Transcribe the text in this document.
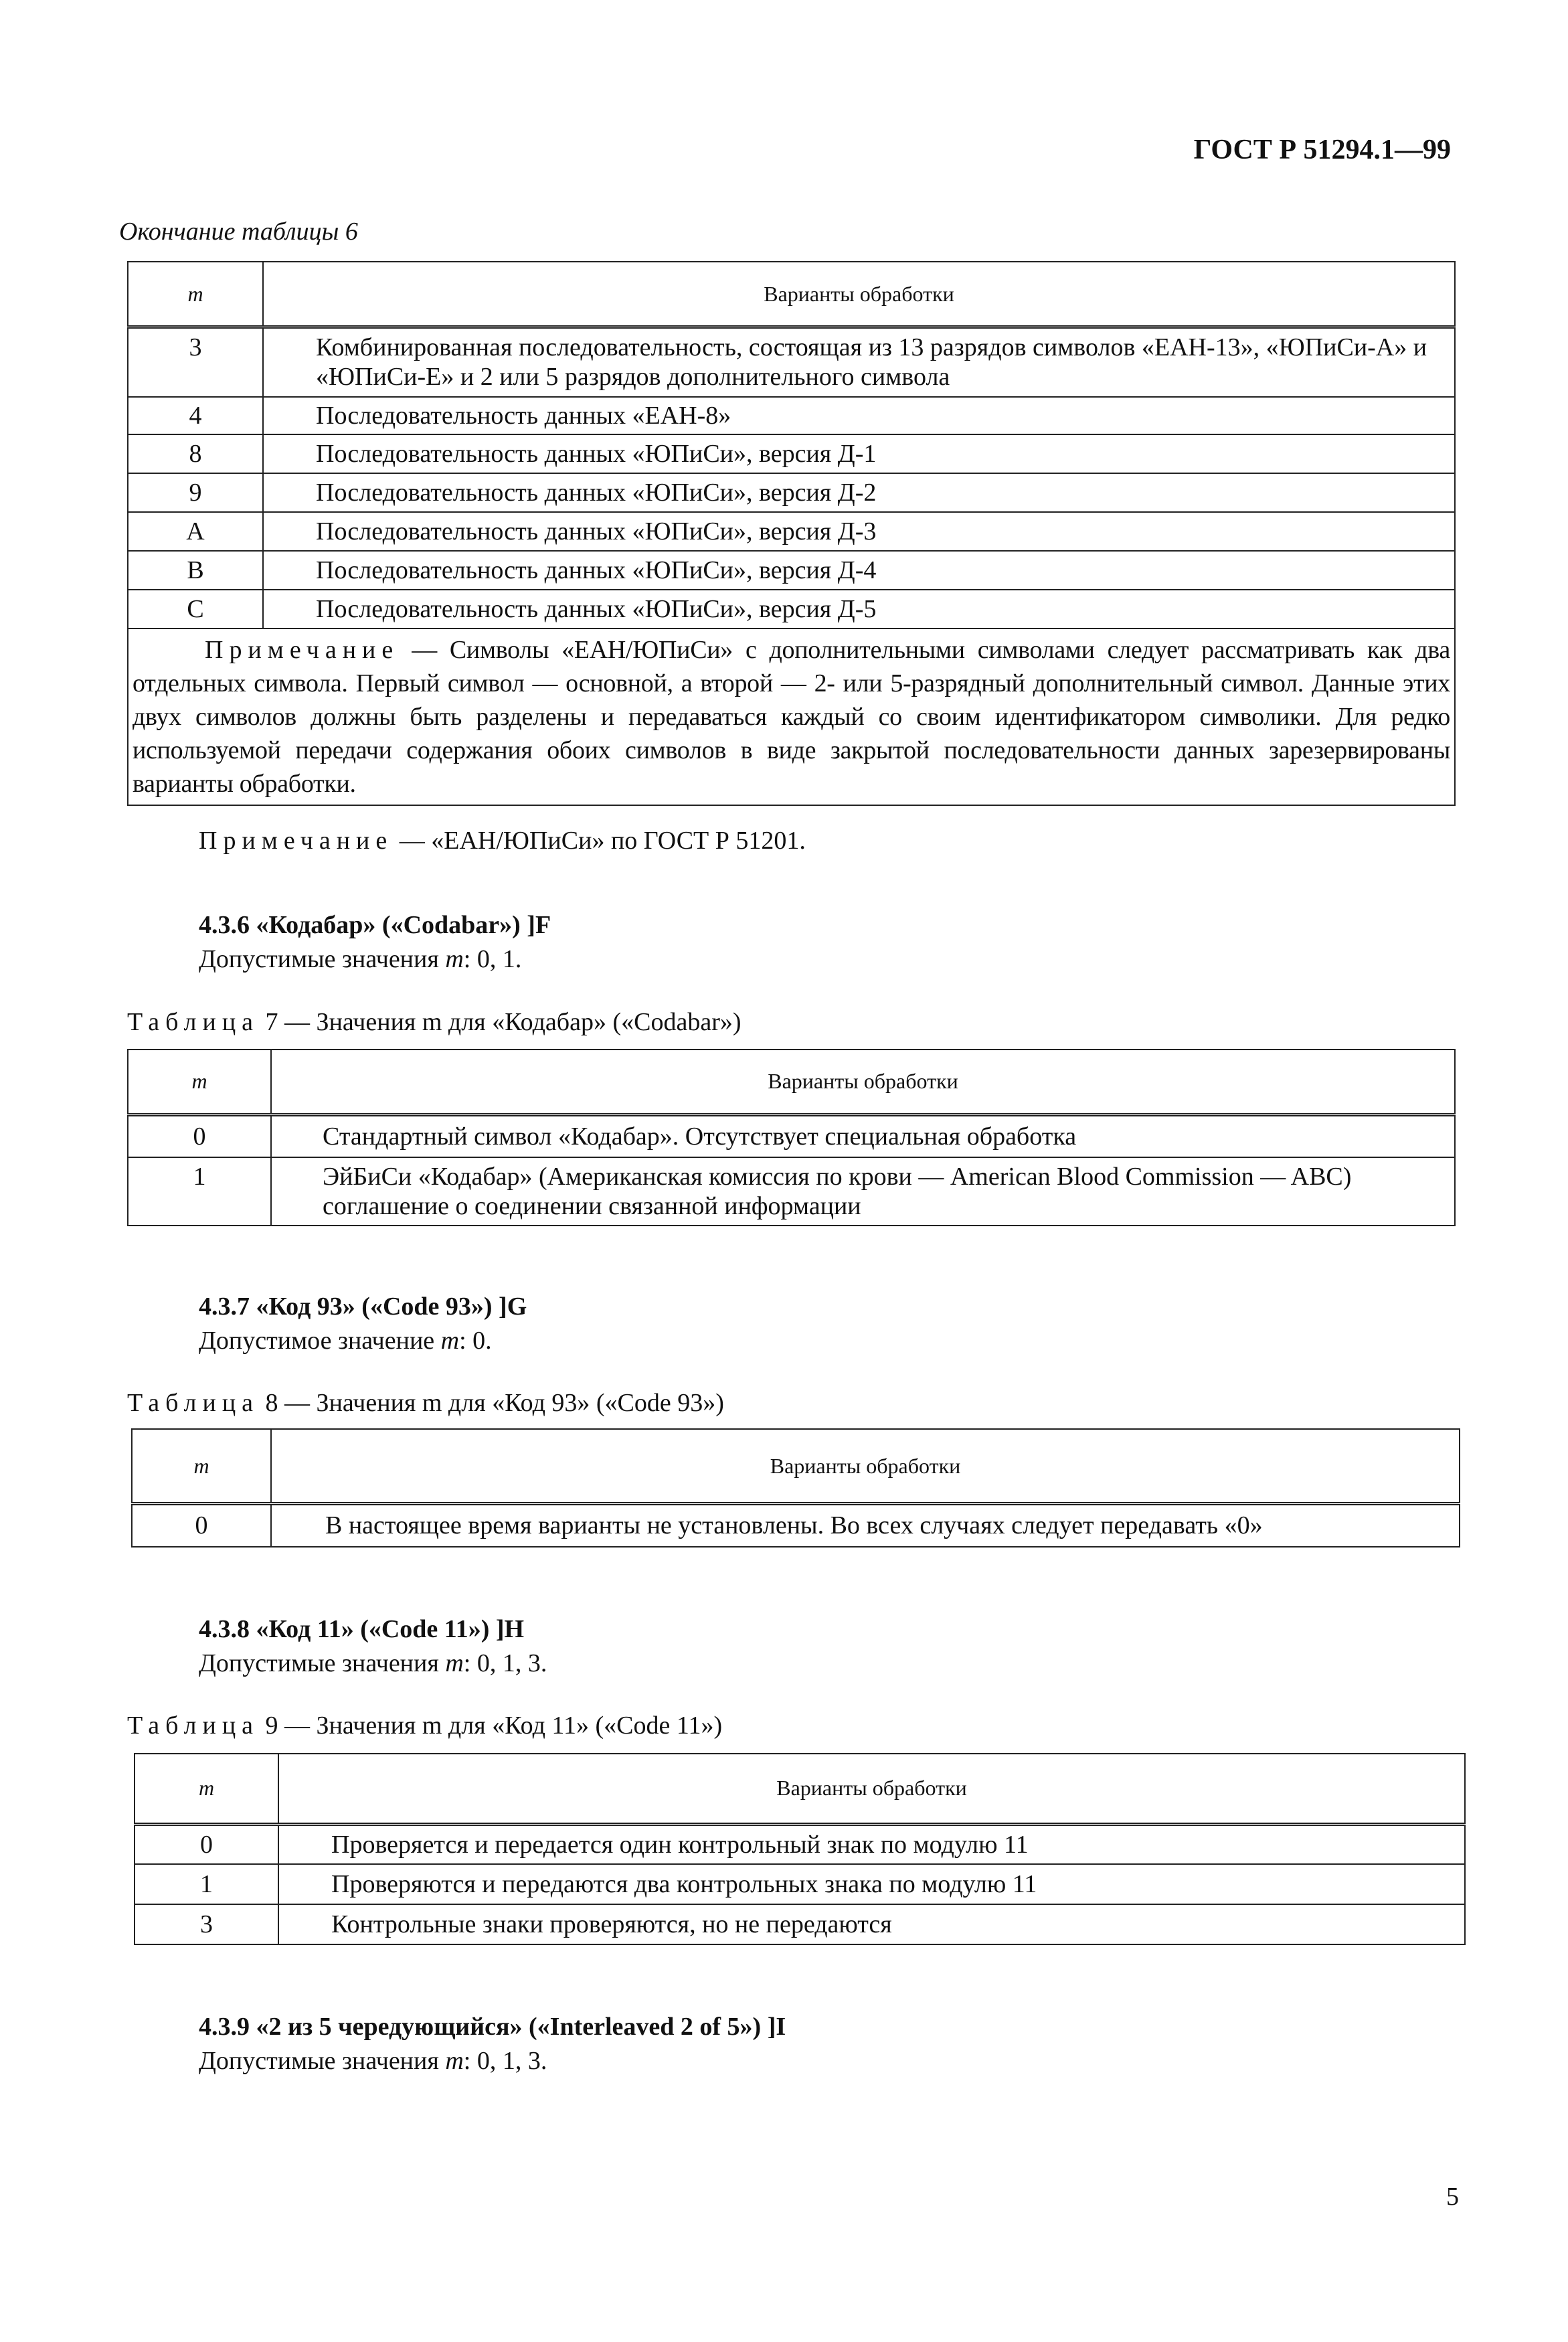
ГОСТ Р 51294.1—99
Окончание таблицы 6
m	Варианты обработки
3	Комбинированная последовательность, состоящая из 13 разрядов символов «ЕАН-13», «ЮПиСи-А» и «ЮПиСи-Е» и 2 или 5 разрядов дополнительного символа
4	Последовательность данных «ЕАН-8»
8	Последовательность данных «ЮПиСи», версия Д-1
9	Последовательность данных «ЮПиСи», версия Д-2
A	Последовательность данных «ЮПиСи», версия Д-3
B	Последовательность данных «ЮПиСи», версия Д-4
C	Последовательность данных «ЮПиСи», версия Д-5
Примечание — Символы «ЕАН/ЮПиСи» с дополнительными символами следует рассматривать как два отдельных символа. Первый символ — основной, а второй — 2- или 5-разрядный дополнительный символ. Данные этих двух символов должны быть разделены и передаваться каждый со своим идентификатором символики. Для редко используемой передачи содержания обоих символов в виде закрытой последовательности данных зарезервированы варианты обработки.	
Примечание — «ЕАН/ЮПиСи» по ГОСТ Р 51201.
4.3.6 «Кодабар» («Codabar») ]F
Допустимые значения m: 0, 1.
Таблица 7 — Значения m для «Кодабар» («Codabar»)
m	Варианты обработки
0	Стандартный символ «Кодабар». Отсутствует специальная обработка
1	ЭйБиСи «Кодабар» (Американская комиссия по крови — American Blood Commission — ABC) соглашение о соединении связанной информации
4.3.7 «Код 93» («Code 93») ]G
Допустимое значение m: 0.
Таблица 8 — Значения m для «Код 93» («Code 93»)
m	Варианты обработки
0	В настоящее время варианты не установлены. Во всех случаях следует передавать «0»
4.3.8 «Код 11» («Code 11») ]H
Допустимые значения m: 0, 1, 3.
Таблица 9 — Значения m для «Код 11» («Code 11»)
m	Варианты обработки
0	Проверяется и передается один контрольный знак по модулю 11
1	Проверяются и передаются два контрольных знака по модулю 11
3	Контрольные знаки проверяются, но не передаются
4.3.9 «2 из 5 чередующийся» («Interleaved 2 of 5») ]I
Допустимые значения m: 0, 1, 3.
5
